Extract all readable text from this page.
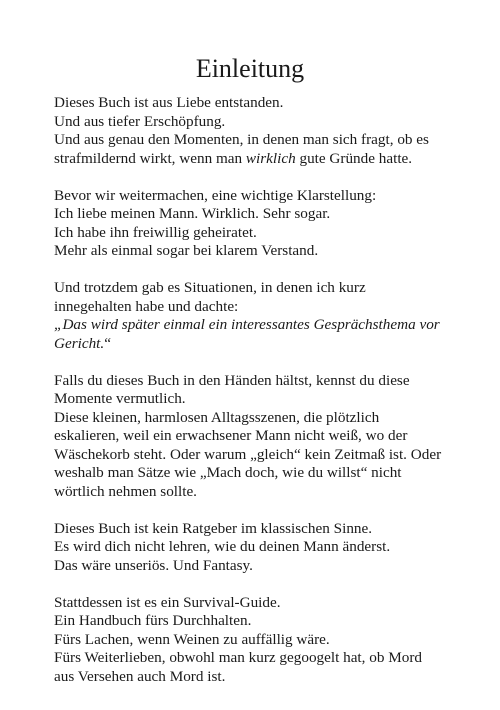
Einleitung

Dieses Buch ist aus Liebe entstanden.
Und aus tiefer Erschöpfung.
Und aus genau den Momenten, in denen man sich fragt, ob es
strafmildernd wirkt, wenn man wirklich gute Gründe hatte.

Bevor wir weitermachen, eine wichtige Klarstellung:
Ich liebe meinen Mann. Wirklich. Sehr sogar.
Ich habe ihn freiwillig geheiratet.
Mehr als einmal sogar bei klarem Verstand.

Und trotzdem gab es Situationen, in denen ich kurz
innegehalten habe und dachte:
„Das wird später einmal ein interessantes Gesprächsthema vor Gericht.“

Falls du dieses Buch in den Händen hältst, kennst du diese
Momente vermutlich.
Diese kleinen, harmlosen Alltagsszenen, die plötzlich
eskalieren, weil ein erwachsener Mann nicht weiß, wo der
Wäschekorb steht. Oder warum „gleich“ kein Zeitmaß ist. Oder
weshalb man Sätze wie „Mach doch, wie du willst“ nicht
wörtlich nehmen sollte.

Dieses Buch ist kein Ratgeber im klassischen Sinne.
Es wird dich nicht lehren, wie du deinen Mann änderst.
Das wäre unseriös. Und Fantasy.

Stattdessen ist es ein Survival-Guide.
Ein Handbuch fürs Durchhalten.
Fürs Lachen, wenn Weinen zu auffällig wäre.
Fürs Weiterlieben, obwohl man kurz gegoogelt hat, ob Mord
aus Versehen auch Mord ist.
